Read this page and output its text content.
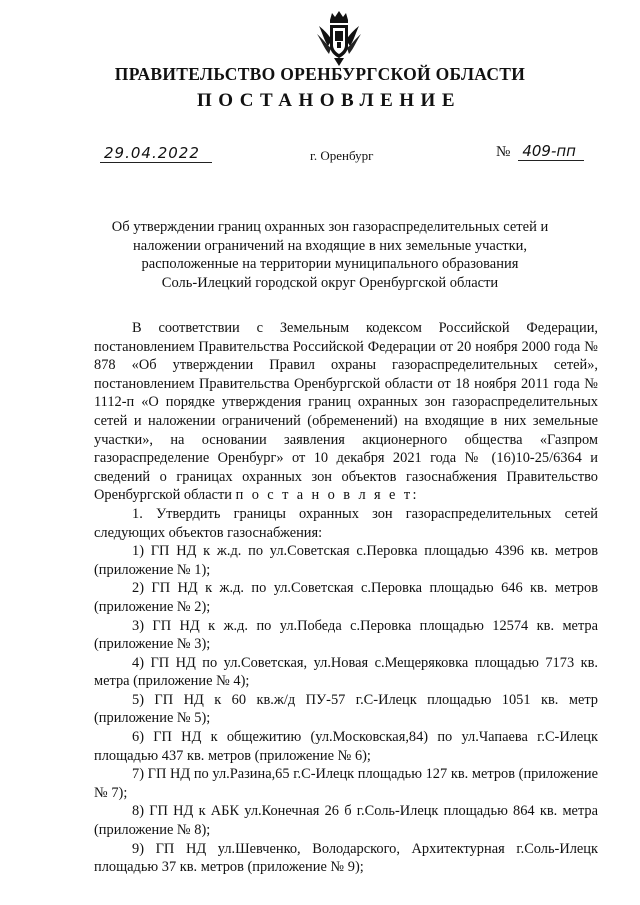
ПРАВИТЕЛЬСТВО ОРЕНБУРГСКОЙ ОБЛАСТИ
ПОСТАНОВЛЕНИЕ
29.04.2022	г. Оренбург	№ 409-пп
Об утверждении границ охранных зон газораспределительных сетей и
наложении ограничений на входящие в них земельные участки,
расположенные на территории муниципального образования
Соль-Илецкий городской округ Оренбургской области

В соответствии с Земельным кодексом Российской Федерации, постановлением Правительства Российской Федерации от 20 ноября 2000 года № 878 «Об утверждении Правил охраны газораспределительных сетей», постановлением Правительства Оренбургской области от 18 ноября 2011 года № 1112-п «О порядке утверждения границ охранных зон газораспределительных сетей и наложении ограничений (обременений) на входящие в них земельные участки», на основании заявления акционерного общества «Газпром газораспределение Оренбург» от 10 декабря 2021 года № (16)10-25/6364 и сведений о границах охранных зон объектов газоснабжения Правительство Оренбургской области п о с т а н о в л я е т:

1. Утвердить границы охранных зон газораспределительных сетей следующих объектов газоснабжения:

1) ГП НД к ж.д. по ул.Советская с.Перовка площадью 4396 кв. метров (приложение № 1);

2) ГП НД к ж.д. по ул.Советская с.Перовка площадью 646 кв. метров (приложение № 2);

3) ГП НД к ж.д. по ул.Победа с.Перовка площадью 12574 кв. метра (приложение № 3);

4) ГП НД по ул.Советская, ул.Новая с.Мещеряковка площадью 7173 кв. метра (приложение № 4);

5) ГП НД к 60 кв.ж/д ПУ-57 г.С-Илецк площадью 1051 кв. метр (приложение № 5);

6) ГП НД к общежитию (ул.Московская,84) по ул.Чапаева г.С-Илецк площадью 437 кв. метров (приложение № 6);

7) ГП НД по ул.Разина,65 г.С-Илецк площадью 127 кв. метров (приложение № 7);

8) ГП НД к АБК ул.Конечная 26 б г.Соль-Илецк площадью 864 кв. метра (приложение № 8);

9) ГП НД ул.Шевченко, Володарского, Архитектурная г.Соль-Илецк площадью 37 кв. метров (приложение № 9);
